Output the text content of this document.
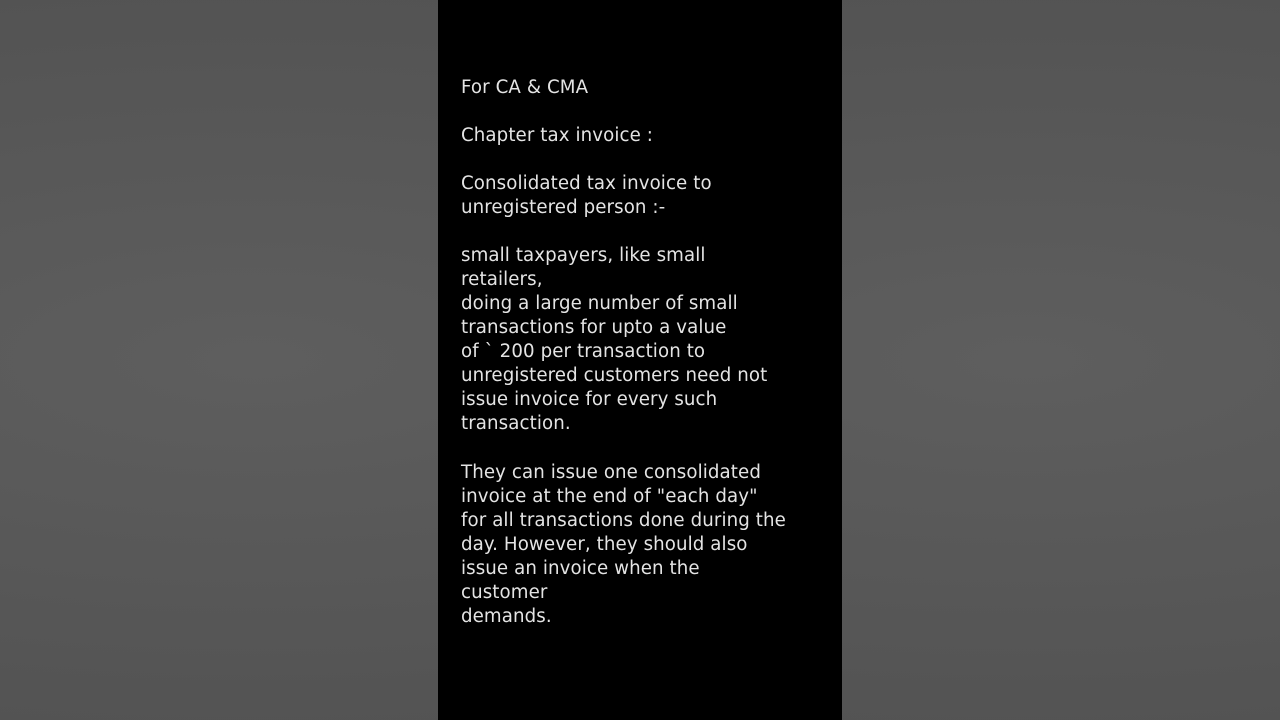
For CA & CMA

Chapter tax invoice :

Consolidated tax invoice to
unregistered person :-

small taxpayers, like small retailers,
doing a large number of small
transactions for upto a value
of ` 200 per transaction to
unregistered customers need not
issue invoice for every such
transaction.

They can issue one consolidated
invoice at the end of "each day"
for all transactions done during the
day. However, they should also
issue an invoice when the customer
demands.
